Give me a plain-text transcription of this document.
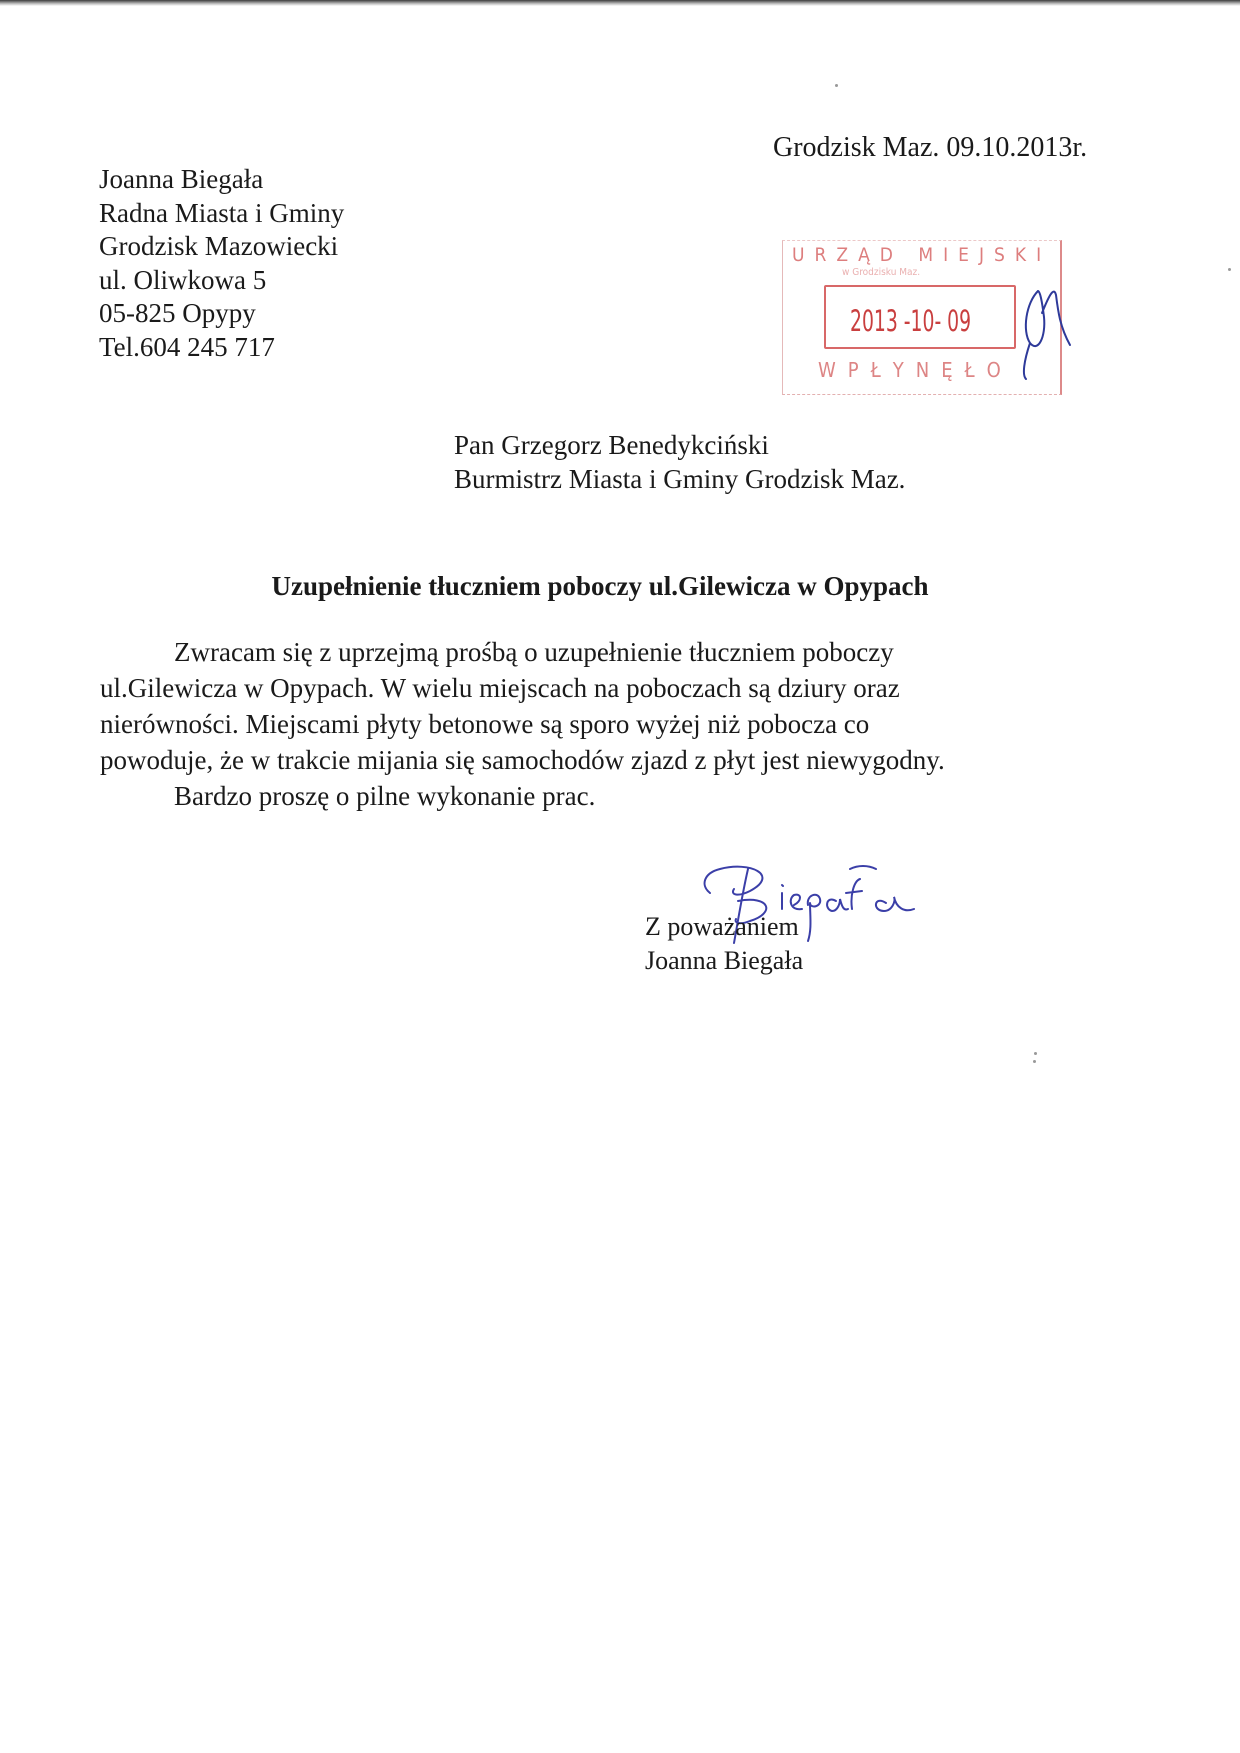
Grodzisk Maz. 09.10.2013r.
Joanna Biegała
Radna Miasta i Gminy
Grodzisk Mazowiecki
ul. Oliwkowa 5
05-825 Opypy
Tel.604 245 717
URZĄD MIEJSKI
w Grodzisku Maz.
2013 -10- 09
WPŁYNĘŁO
Pan Grzegorz Benedykciński
Burmistrz Miasta i Gminy Grodzisk Maz.
Uzupełnienie tłuczniem poboczy ul.Gilewicza w Opypach
Zwracam się z uprzejmą prośbą o uzupełnienie tłuczniem poboczy
ul.Gilewicza w Opypach. W wielu miejscach na poboczach są dziury oraz
nierówności. Miejscami płyty betonowe są sporo wyżej niż pobocza co
powoduje, że w trakcie mijania się samochodów zjazd z płyt jest niewygodny.
Bardzo proszę o pilne wykonanie prac.
Z poważaniem
Joanna Biegała
